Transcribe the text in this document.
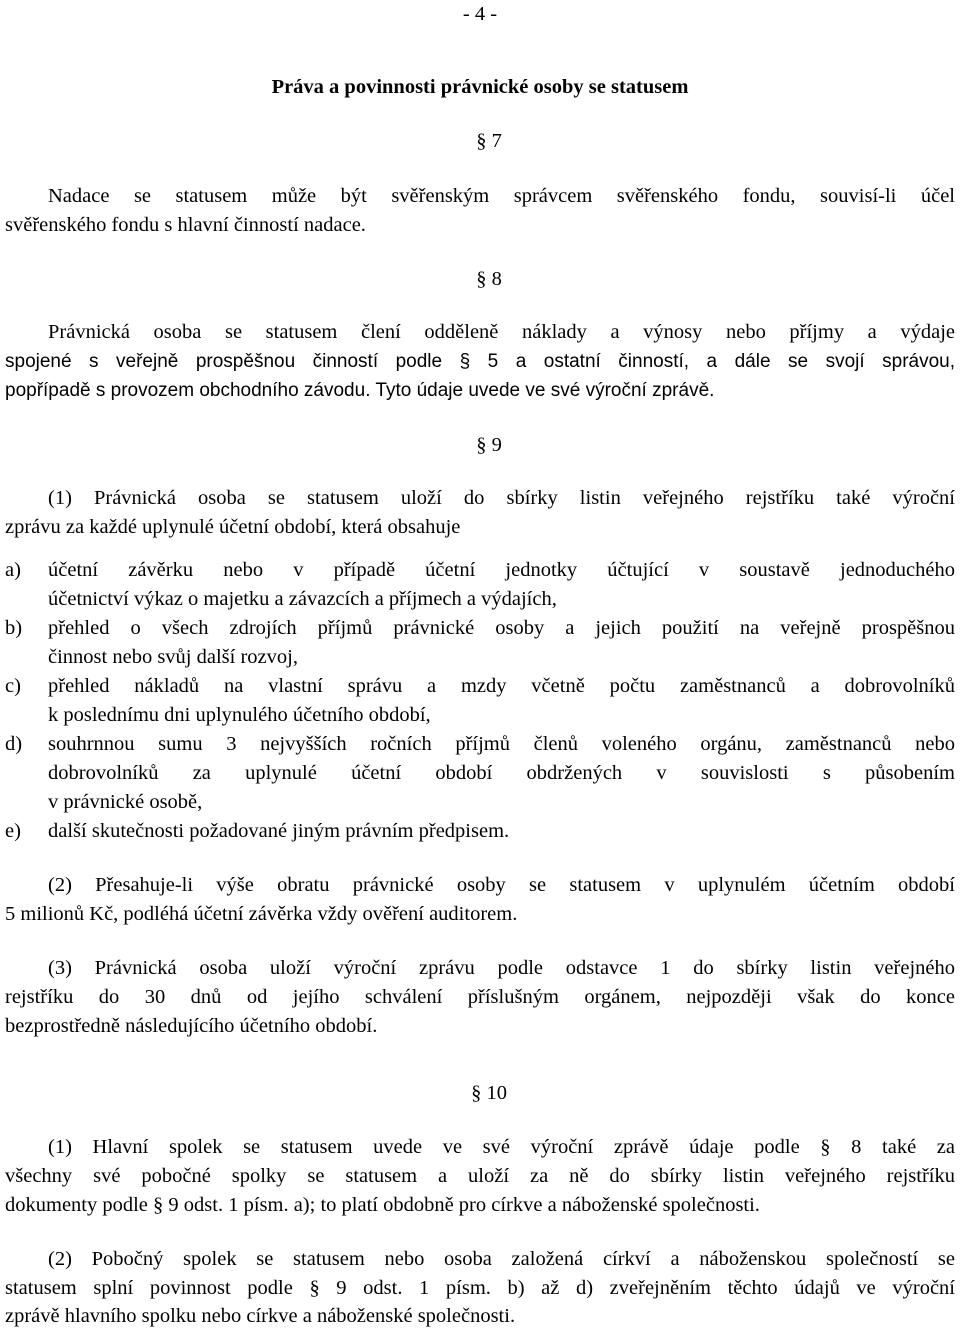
- 4 -
Práva a povinnosti právnické osoby se statusem
§ 7
Nadace se statusem může být svěřenským správcem svěřenského fondu, souvisí-li účel
svěřenského fondu s hlavní činností nadace.
§ 8
Právnická osoba se statusem člení odděleně náklady a výnosy nebo příjmy a výdaje
spojené s veřejně prospěšnou činností podle § 5 a ostatní činností, a dále se svojí správou,
popřípadě s provozem obchodního závodu. Tyto údaje uvede ve své výroční zprávě.
§ 9
(1) Právnická osoba se statusem uloží do sbírky listin veřejného rejstříku také výroční
zprávu za každé uplynulé účetní období, která obsahuje
a) účetní závěrku nebo v případě účetní jednotky účtující v soustavě jednoduchého
účetnictví výkaz o majetku a závazcích a příjmech a výdajích,
b) přehled o všech zdrojích příjmů právnické osoby a jejich použití na veřejně prospěšnou
činnost nebo svůj další rozvoj,
c) přehled nákladů na vlastní správu a mzdy včetně počtu zaměstnanců a dobrovolníků
k poslednímu dni uplynulého účetního období,
d) souhrnnou sumu 3 nejvyšších ročních příjmů členů voleného orgánu, zaměstnanců nebo
dobrovolníků za uplynulé účetní období obdržených v souvislosti s působením
v právnické osobě,
e) další skutečnosti požadované jiným právním předpisem.
(2) Přesahuje-li výše obratu právnické osoby se statusem v uplynulém účetním období
5 milionů Kč, podléhá účetní závěrka vždy ověření auditorem.
(3) Právnická osoba uloží výroční zprávu podle odstavce 1 do sbírky listin veřejného
rejstříku do 30 dnů od jejího schválení příslušným orgánem, nejpozději však do konce
bezprostředně následujícího účetního období.
§ 10
(1) Hlavní spolek se statusem uvede ve své výroční zprávě údaje podle § 8 také za
všechny své pobočné spolky se statusem a uloží za ně do sbírky listin veřejného rejstříku
dokumenty podle § 9 odst. 1 písm. a); to platí obdobně pro církve a náboženské společnosti.
(2) Pobočný spolek se statusem nebo osoba založená církví a náboženskou společností se
statusem splní povinnost podle § 9 odst. 1 písm. b) až d) zveřejněním těchto údajů ve výroční
zprávě hlavního spolku nebo církve a náboženské společnosti.
